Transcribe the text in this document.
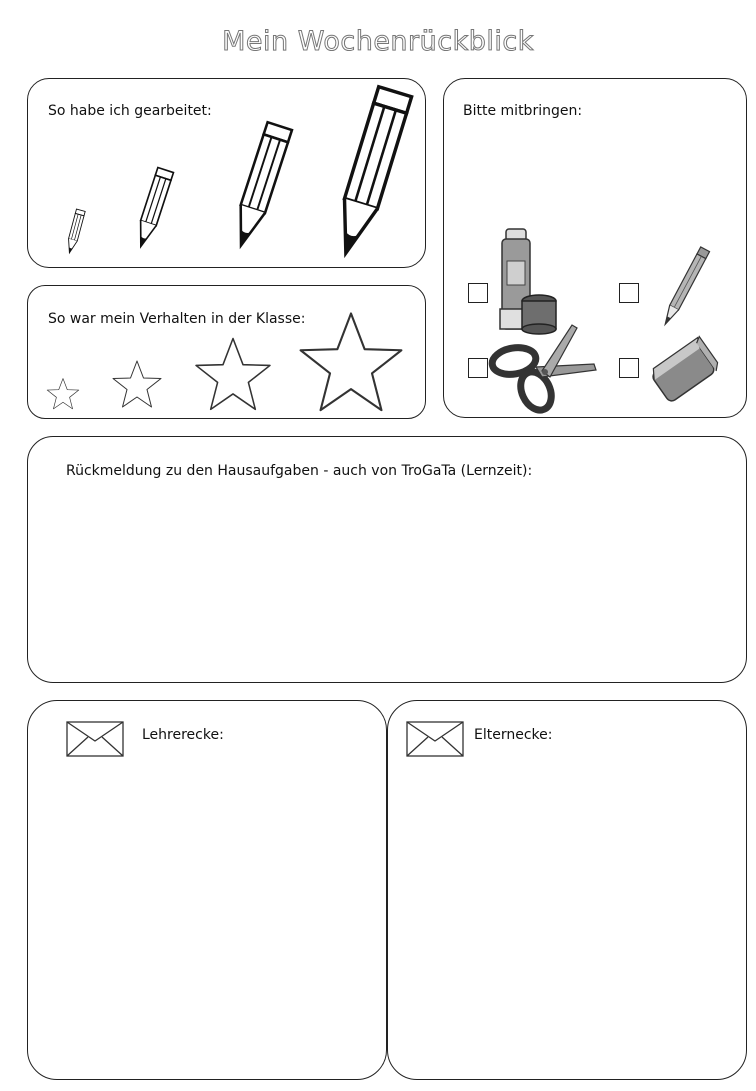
Mein Wochenrückblick
So habe ich gearbeitet:
So war mein Verhalten in der Klasse:
Bitte mitbringen:
Rückmeldung zu den Hausaufgaben - auch von TroGaTa (Lernzeit):
Lehrerecke:	Elternecke:
